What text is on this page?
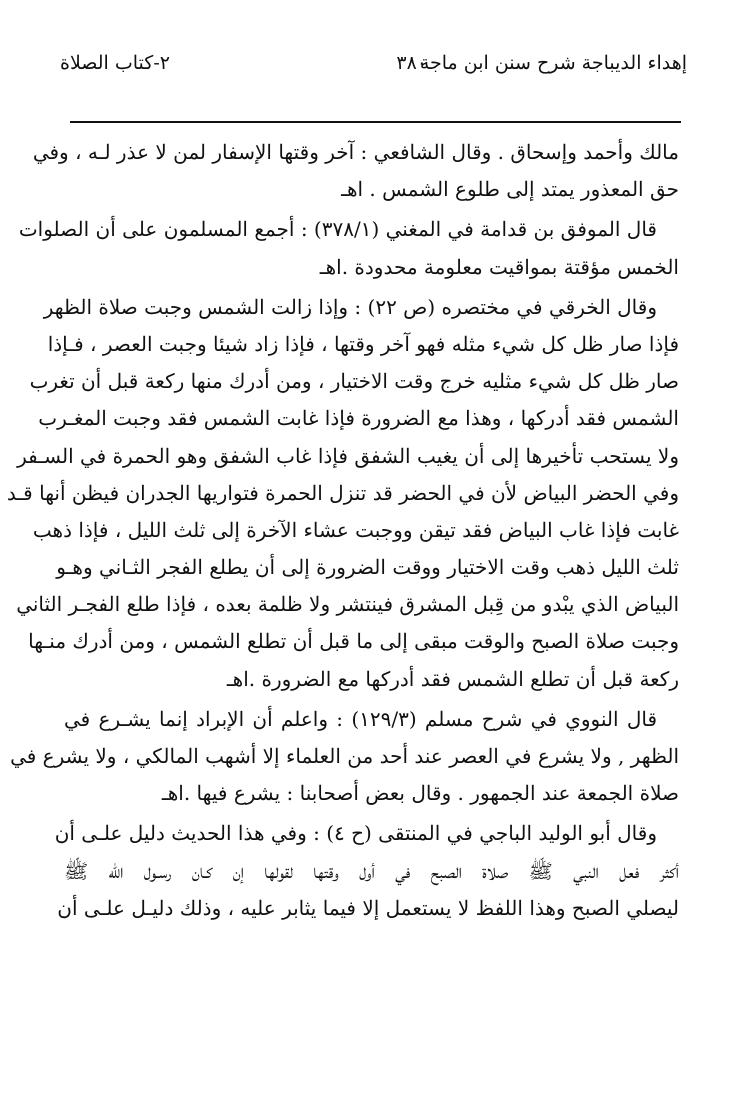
إهداء الديباجة شرح سنن ابن ماجة
٣٨٠
٢-كتاب الصلاة
مالك وأحمد وإسحاق . وقال الشافعي : آخر وقتها الإسفار لمن لا عذر لـه ، وفي
حق المعذور يمتد إلى طلوع الشمس . اهـ
قال الموفق بن قدامة في المغني (٣٧٨/١) : أجمع المسلمون على أن الصلوات
الخمس مؤقتة بمواقيت معلومة محدودة .اهـ
وقال الخرقي في مختصره (ص ٢٢) : وإذا زالت الشمس وجبت صلاة الظهر
فإذا صار ظل كل شيء مثله فهو آخر وقتها ، فإذا زاد شيئا وجبت العصر ، فـإذا
صار ظل كل شيء مثليه خرج وقت الاختيار ، ومن أدرك منها ركعة قبل أن تغرب
الشمس فقد أدركها ، وهذا مع الضرورة فإذا غابت الشمس فقد وجبت المغـرب
ولا يستحب تأخيرها إلى أن يغيب الشفق فإذا غاب الشفق وهو الحمرة في السـفر
وفي الحضر البياض لأن في الحضر قد تنزل الحمرة فتواريها الجدران فيظن أنها قـد
غابت فإذا غاب البياض فقد تيقن ووجبت عشاء الآخرة إلى ثلث الليل ، فإذا ذهب
ثلث الليل ذهب وقت الاختيار ووقت الضرورة إلى أن يطلع الفجر الثـاني وهـو
البياض الذي يبْدو من قِبل المشرق فينتشر ولا ظلمة بعده ، فإذا طلع الفجـر الثاني
وجبت صلاة الصبح والوقت مبقى إلى ما قبل أن تطلع الشمس ، ومن أدرك منـها
ركعة قبل أن تطلع الشمس فقد أدركها مع الضرورة .اهـ
قال النووي في شرح مسلم (١٢٩/٣) : واعلم أن الإبراد إنما يشـرع في
الظهر , ولا يشرع في العصر عند أحد من العلماء إلا أشهب المالكي ، ولا يشرع في
صلاة الجمعة عند الجمهور . وقال بعض أصحابنا : يشرع فيها .اهـ
وقال أبو الوليد الباجي في المنتقى (ح ٤) : وفي هذا الحديث دليل علـى أن
أكثر فعل النبي ﷺ صلاة الصبح في أول وقتها لقولها إن كـان رسـول الله ﷺ
ليصلي الصبح وهذا اللفظ لا يستعمل إلا فيما يثابر عليه ، وذلك دليـل علـى أن
